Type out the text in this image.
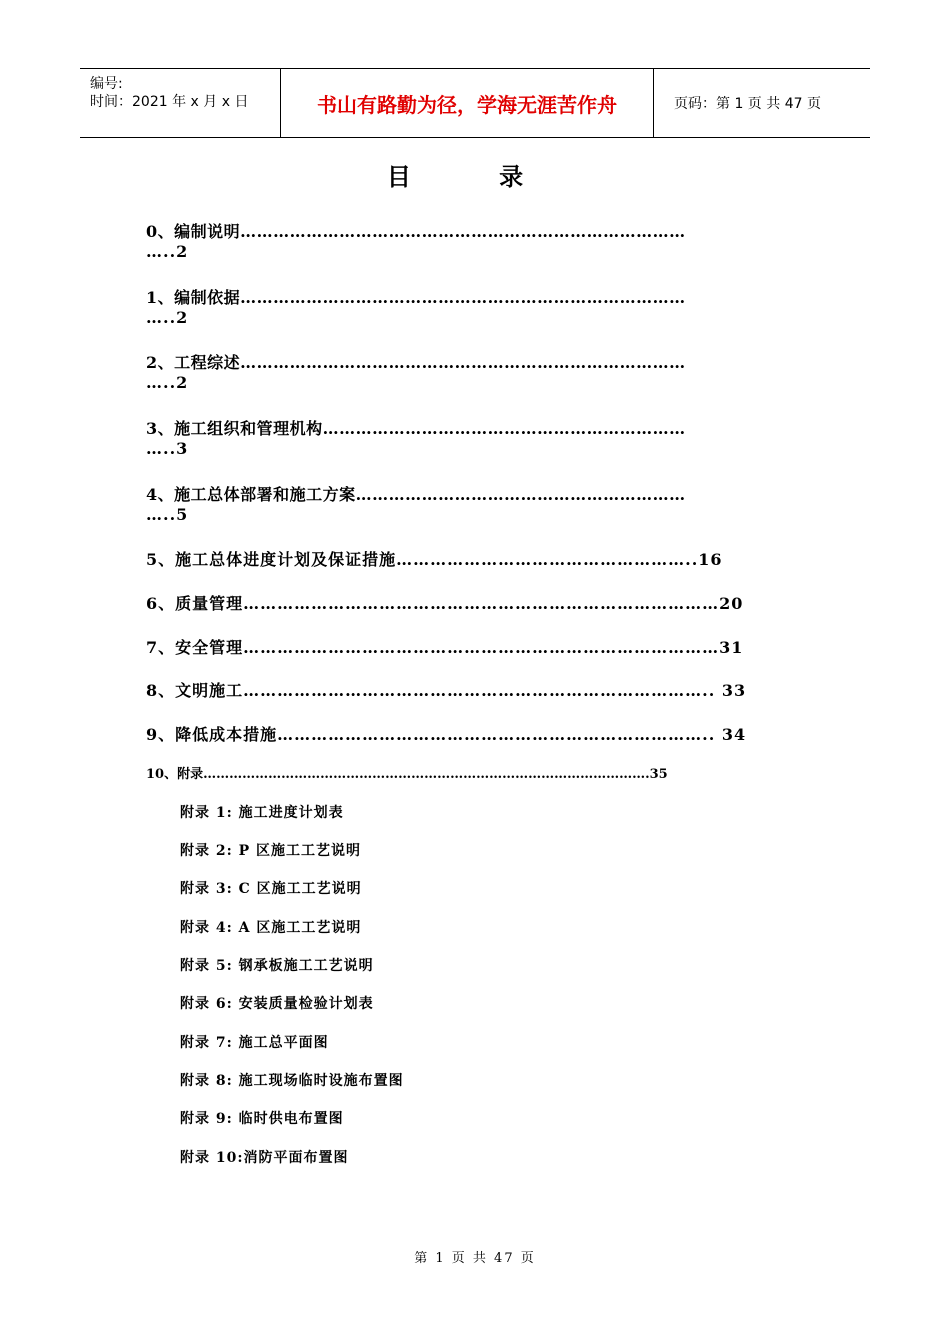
编号:
时间：2021 年 x 月 x 日	书山有路勤为径，学海无涯苦作舟	页码：第 1 页 共 47 页
目 录
0、编制说明………………………………………………………………………
…..2
1、编制依据………………………………………………………………………
…..2
2、工程综述………………………………………………………………………
…..2
3、施工组织和管理机构…………………………………………………………
…..3
4、施工总体部署和施工方案……………………………………………………
…..5
5、施工总体进度计划及保证措施……………………………………………..16
6、质量管理…………………………………………………………………………20
7、安全管理…………………………………………………………………………31
8、文明施工……………………………………………………………………….. 33
9、降低成本措施………………………………………………………………….. 34
10、附录………………………………………………………………………………………….35
附录 1: 施工进度计划表
附录 2: P 区施工工艺说明
附录 3: C 区施工工艺说明
附录 4: A 区施工工艺说明
附录 5: 钢承板施工工艺说明
附录 6: 安装质量检验计划表
附录 7: 施工总平面图
附录 8: 施工现场临时设施布置图
附录 9: 临时供电布置图
附录 10:消防平面布置图
第 1 页 共 47 页
